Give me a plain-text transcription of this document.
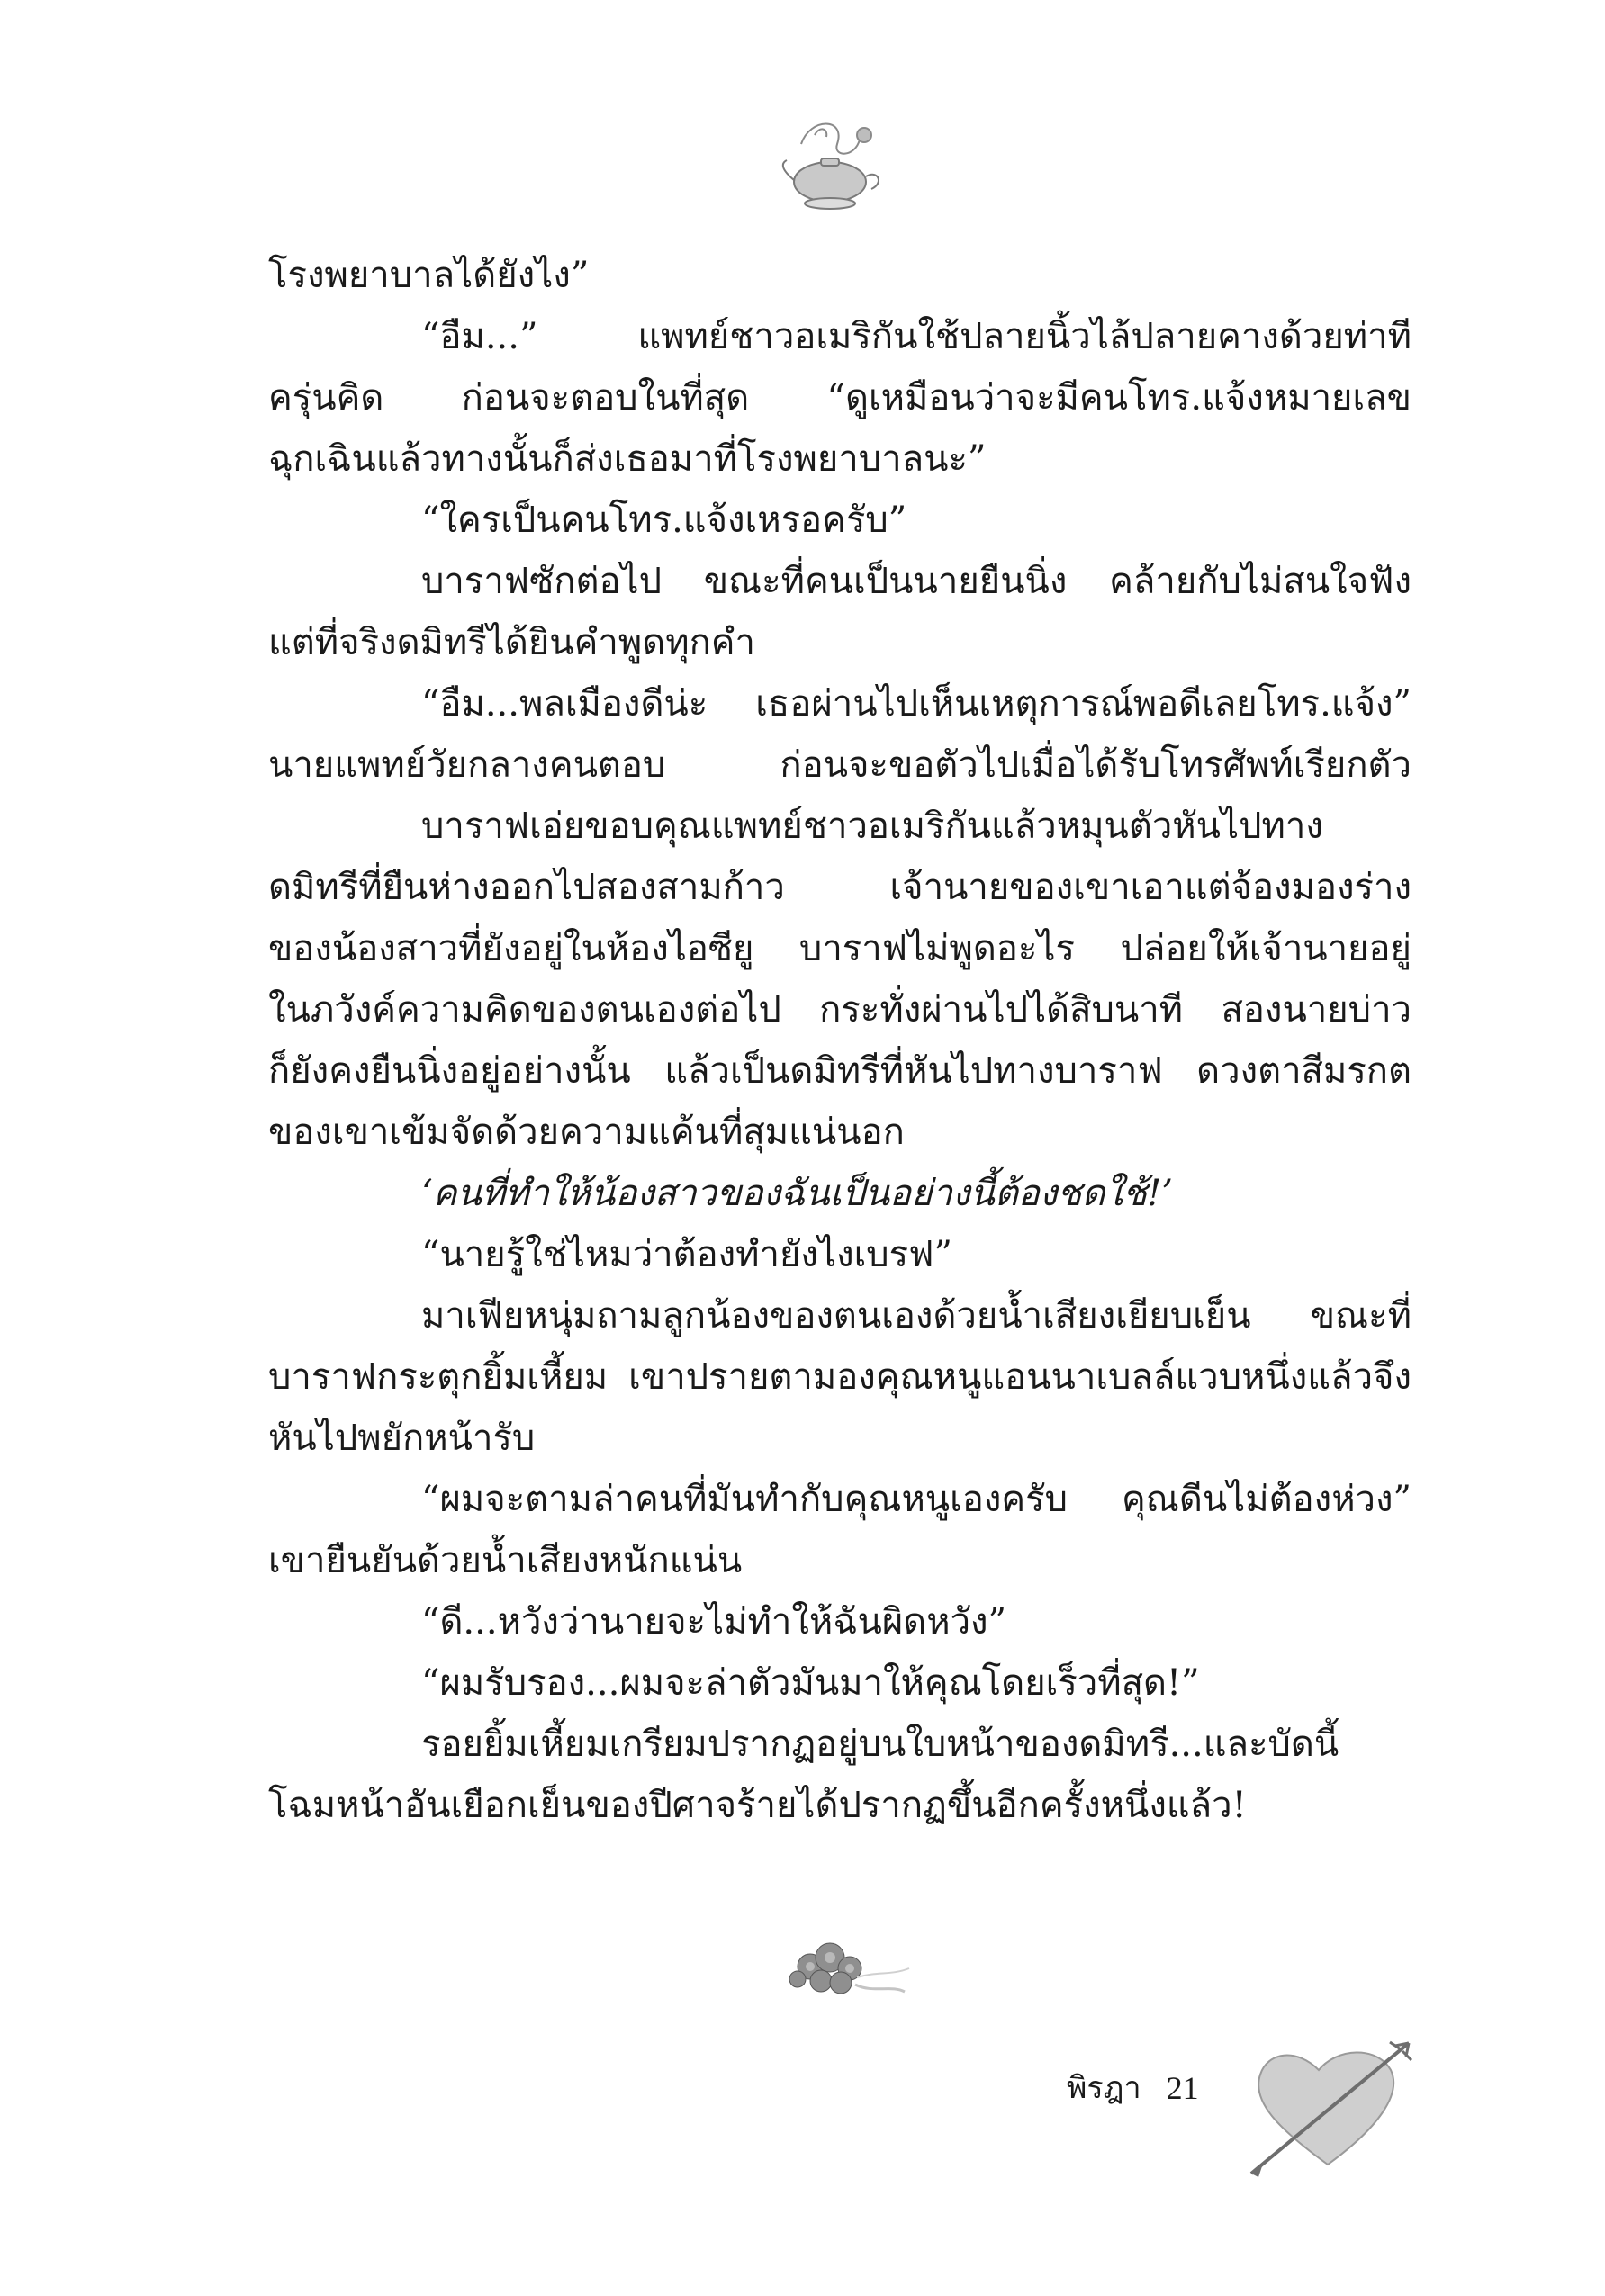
โรงพยาบาลได้ยังไง”
“อืม...” แพทย์ชาวอเมริกันใช้ปลายนิ้วไล้ปลายคางด้วยท่าที
ครุ่นคิด ก่อนจะตอบในที่สุด “ดูเหมือนว่าจะมีคนโทร.แจ้งหมายเลข
ฉุกเฉินแล้วทางนั้นก็ส่งเธอมาที่โรงพยาบาลนะ”
“ใครเป็นคนโทร.แจ้งเหรอครับ”
บาราฟซักต่อไป ขณะที่คนเป็นนายยืนนิ่ง คล้ายกับไม่สนใจฟัง
แต่ที่จริงดมิทรีได้ยินคำพูดทุกคำ
“อืม...พลเมืองดีน่ะ เธอผ่านไปเห็นเหตุการณ์พอดีเลยโทร.แจ้ง”
นายแพทย์วัยกลางคนตอบ ก่อนจะขอตัวไปเมื่อได้รับโทรศัพท์เรียกตัว
บาราฟเอ่ยขอบคุณแพทย์ชาวอเมริกันแล้วหมุนตัวหันไปทาง
ดมิทรีที่ยืนห่างออกไปสองสามก้าว เจ้านายของเขาเอาแต่จ้องมองร่าง
ของน้องสาวที่ยังอยู่ในห้องไอซียู บาราฟไม่พูดอะไร ปล่อยให้เจ้านายอยู่
ในภวังค์ความคิดของตนเองต่อไป กระทั่งผ่านไปได้สิบนาที สองนายบ่าว
ก็ยังคงยืนนิ่งอยู่อย่างนั้น แล้วเป็นดมิทรีที่หันไปทางบาราฟ ดวงตาสีมรกต
ของเขาเข้มจัดด้วยความแค้นที่สุมแน่นอก
‘คนที่ทำให้น้องสาวของฉันเป็นอย่างนี้ต้องชดใช้!’
“นายรู้ใช่ไหมว่าต้องทำยังไงเบรฟ”
มาเฟียหนุ่มถามลูกน้องของตนเองด้วยน้ำเสียงเยียบเย็น ขณะที่
บาราฟกระตุกยิ้มเหี้ยม เขาปรายตามองคุณหนูแอนนาเบลล์แวบหนึ่งแล้วจึง
หันไปพยักหน้ารับ
“ผมจะตามล่าคนที่มันทำกับคุณหนูเองครับ คุณดีนไม่ต้องห่วง”
เขายืนยันด้วยน้ำเสียงหนักแน่น
“ดี...หวังว่านายจะไม่ทำให้ฉันผิดหวัง”
“ผมรับรอง...ผมจะล่าตัวมันมาให้คุณโดยเร็วที่สุด!”
รอยยิ้มเหี้ยมเกรียมปรากฏอยู่บนใบหน้าของดมิทรี...และบัดนี้
โฉมหน้าอันเยือกเย็นของปีศาจร้ายได้ปรากฏขึ้นอีกครั้งหนึ่งแล้ว!
พิรฎา 21
